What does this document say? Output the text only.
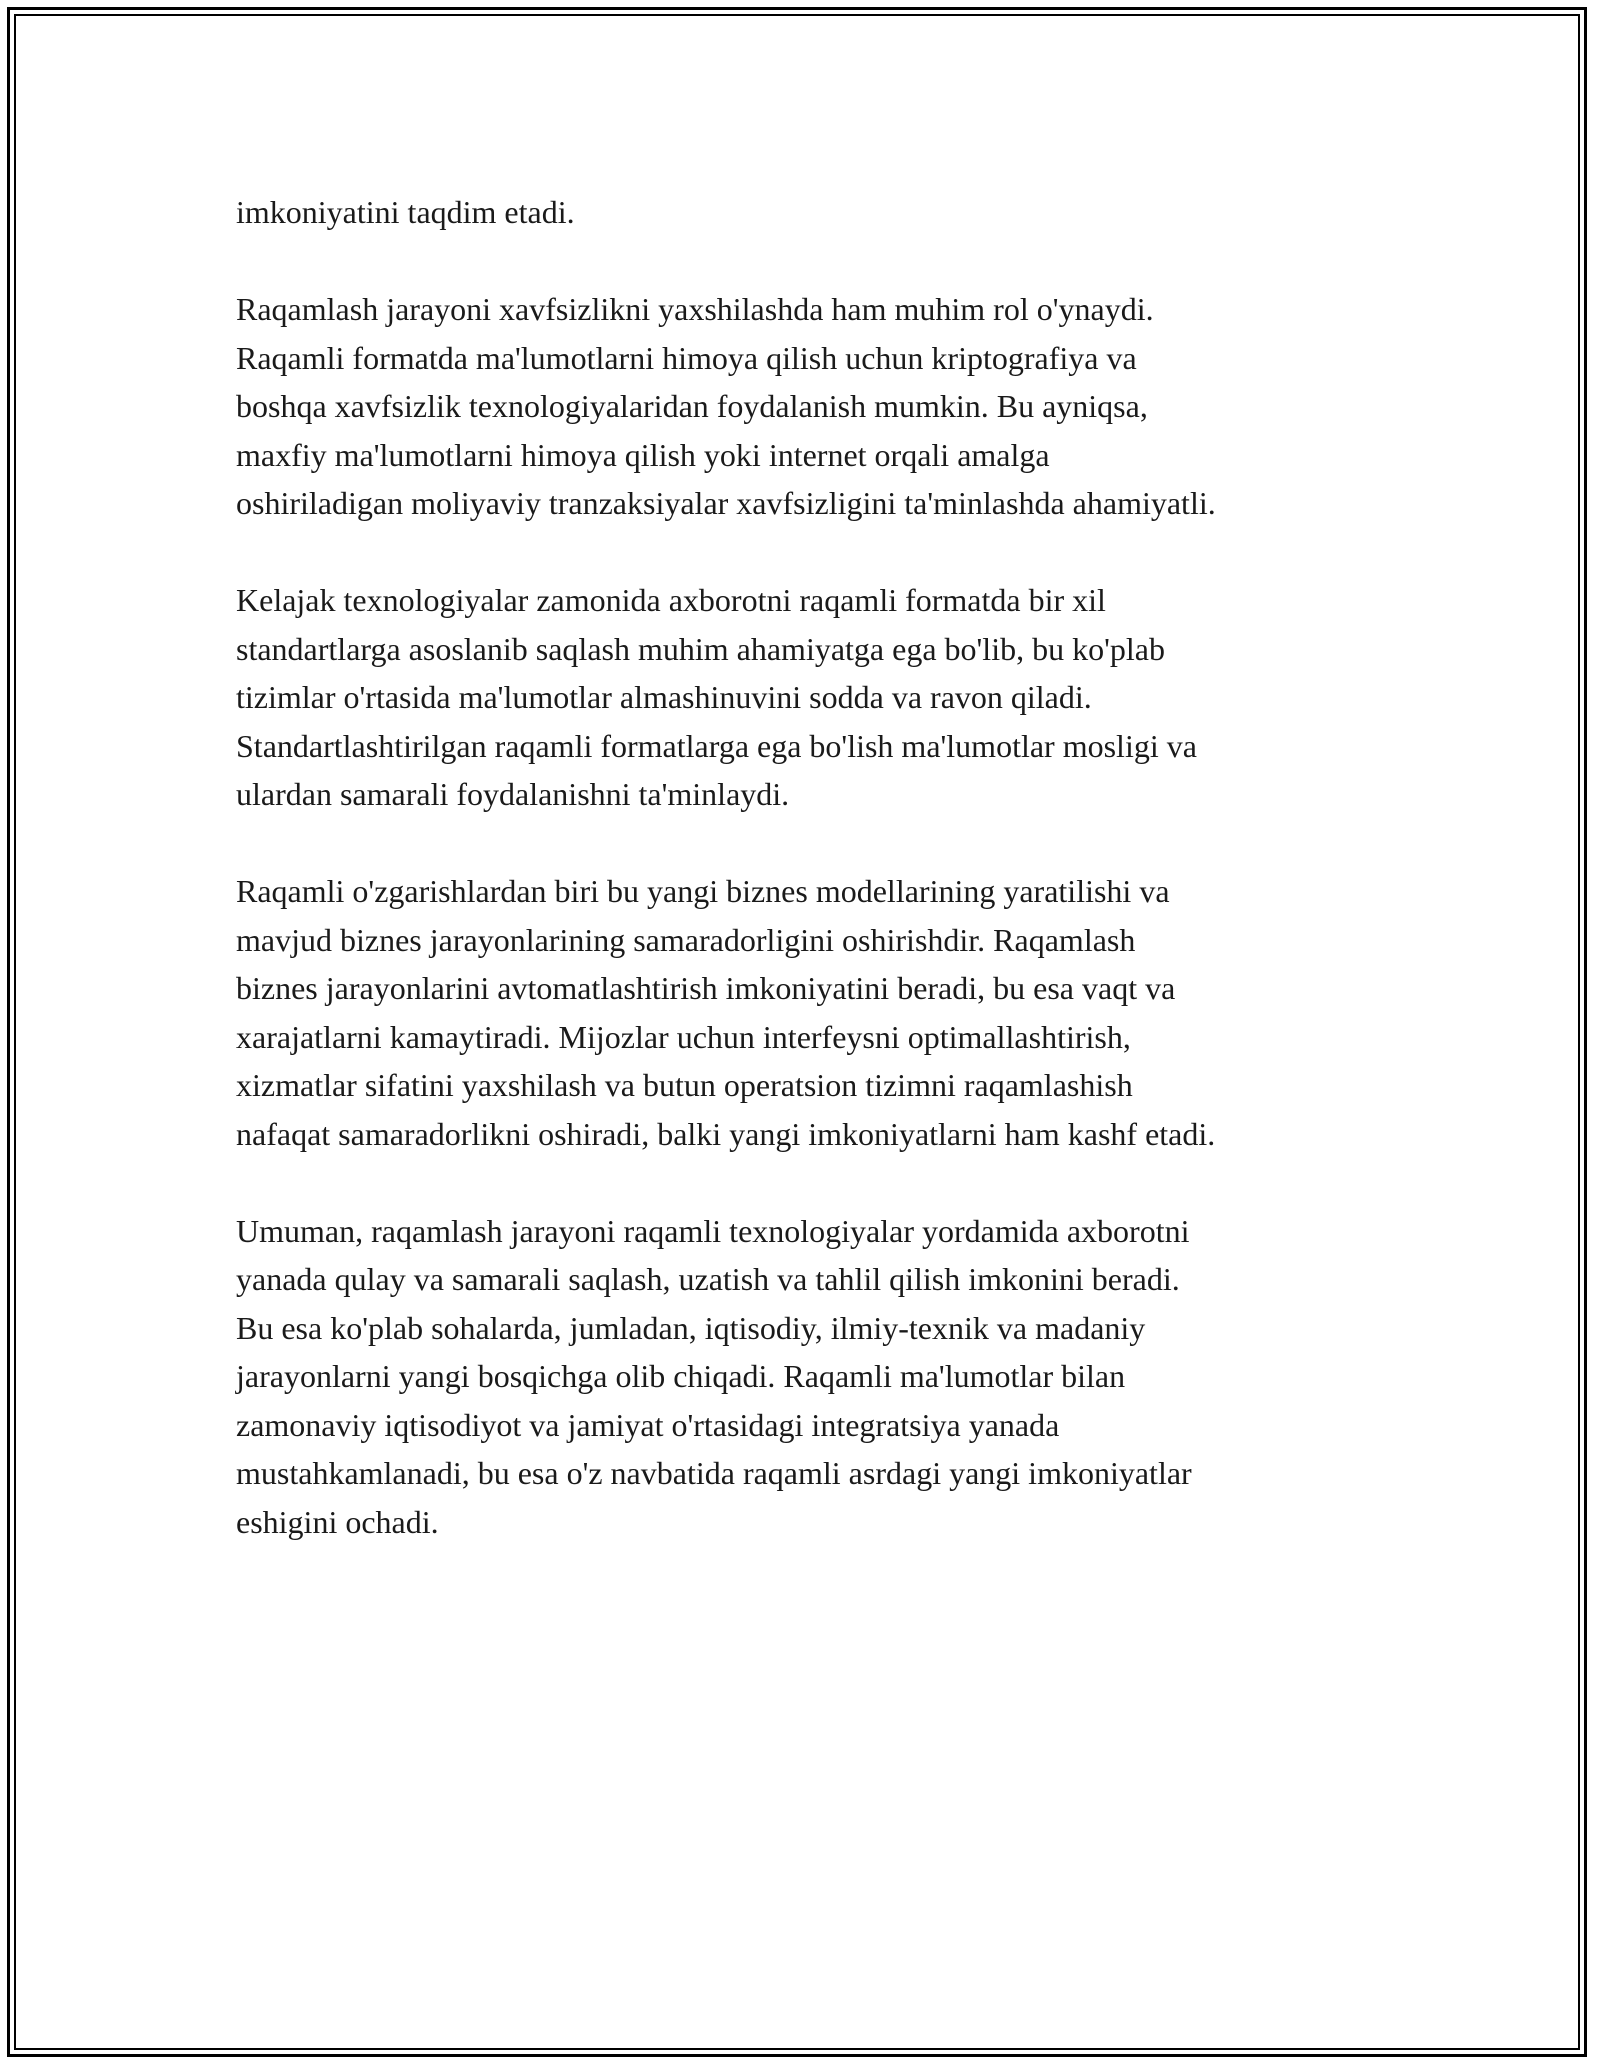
imkoniyatini taqdim etadi.
Raqamlash jarayoni xavfsizlikni yaxshilashda ham muhim rol o'ynaydi.
Raqamli formatda ma'lumotlarni himoya qilish uchun kriptografiya va
boshqa xavfsizlik texnologiyalaridan foydalanish mumkin. Bu ayniqsa,
maxfiy ma'lumotlarni himoya qilish yoki internet orqali amalga
oshiriladigan moliyaviy tranzaksiyalar xavfsizligini ta'minlashda ahamiyatli.
Kelajak texnologiyalar zamonida axborotni raqamli formatda bir xil
standartlarga asoslanib saqlash muhim ahamiyatga ega bo'lib, bu ko'plab
tizimlar o'rtasida ma'lumotlar almashinuvini sodda va ravon qiladi.
Standartlashtirilgan raqamli formatlarga ega bo'lish ma'lumotlar mosligi va
ulardan samarali foydalanishni ta'minlaydi.
Raqamli o'zgarishlardan biri bu yangi biznes modellarining yaratilishi va
mavjud biznes jarayonlarining samaradorligini oshirishdir. Raqamlash
biznes jarayonlarini avtomatlashtirish imkoniyatini beradi, bu esa vaqt va
xarajatlarni kamaytiradi. Mijozlar uchun interfeysni optimallashtirish,
xizmatlar sifatini yaxshilash va butun operatsion tizimni raqamlashish
nafaqat samaradorlikni oshiradi, balki yangi imkoniyatlarni ham kashf etadi.
Umuman, raqamlash jarayoni raqamli texnologiyalar yordamida axborotni
yanada qulay va samarali saqlash, uzatish va tahlil qilish imkonini beradi.
Bu esa ko'plab sohalarda, jumladan, iqtisodiy, ilmiy-texnik va madaniy
jarayonlarni yangi bosqichga olib chiqadi. Raqamli ma'lumotlar bilan
zamonaviy iqtisodiyot va jamiyat o'rtasidagi integratsiya yanada
mustahkamlanadi, bu esa o'z navbatida raqamli asrdagi yangi imkoniyatlar
eshigini ochadi.
